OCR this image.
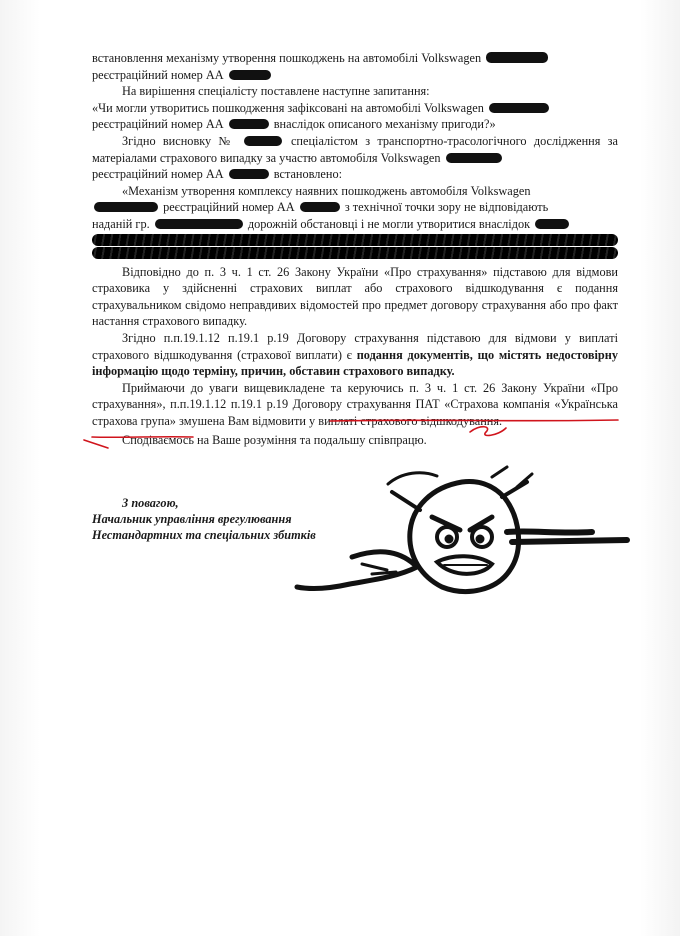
встановлення механізму утворення пошкоджень на автомобілі Volkswagen
реєстраційний номер АА

На вирішення спеціалісту поставлене наступне запитання:

«Чи могли утворитись пошкодження зафіксовані на автомобілі Volkswagen
реєстраційний номер АА	внаслідок описаного механізму пригоди?»

Згідно висновку №	спеціалістом з транспортно-трасологічного дослідження за матеріалами страхового випадку за участю автомобіля Volkswagen
реєстраційний номер АА	встановлено:

«Механізм утворення комплексу наявних пошкоджень автомобіля Volkswagen
реєстраційний номер АА	з технічної точки зору не відповідають
наданій гр.	дорожній обстановці і не могли утворитися внаслідок

Відповідно до п. 3 ч. 1 ст. 26 Закону України «Про страхування» підставою для відмови страховика у здійсненні страхових виплат або страхового відшкодування є подання страхувальником свідомо неправдивих відомостей про предмет договору страхування або про факт настання страхового випадку.

Згідно п.п.19.1.12 п.19.1 р.19 Договору страхування підставою для відмови у виплаті страхового відшкодування (страхової виплати) є подання документів, що містять недостовірну інформацію щодо терміну, причин, обставин страхового випадку.

Приймаючи до уваги вищевикладене та керуючись п. 3 ч. 1 ст. 26 Закону України «Про страхування», п.п.19.1.12 п.19.1 р.19 Договору страхування ПАТ «Страхова компанія «Українська страхова група» змушена Вам відмовити у виплаті страхового відшкодування.

Сподіваємось на Ваше розуміння та подальшу співпрацю.

З повагою,
Начальник управління врегулювання
Нестандартних та спеціальних збитків
